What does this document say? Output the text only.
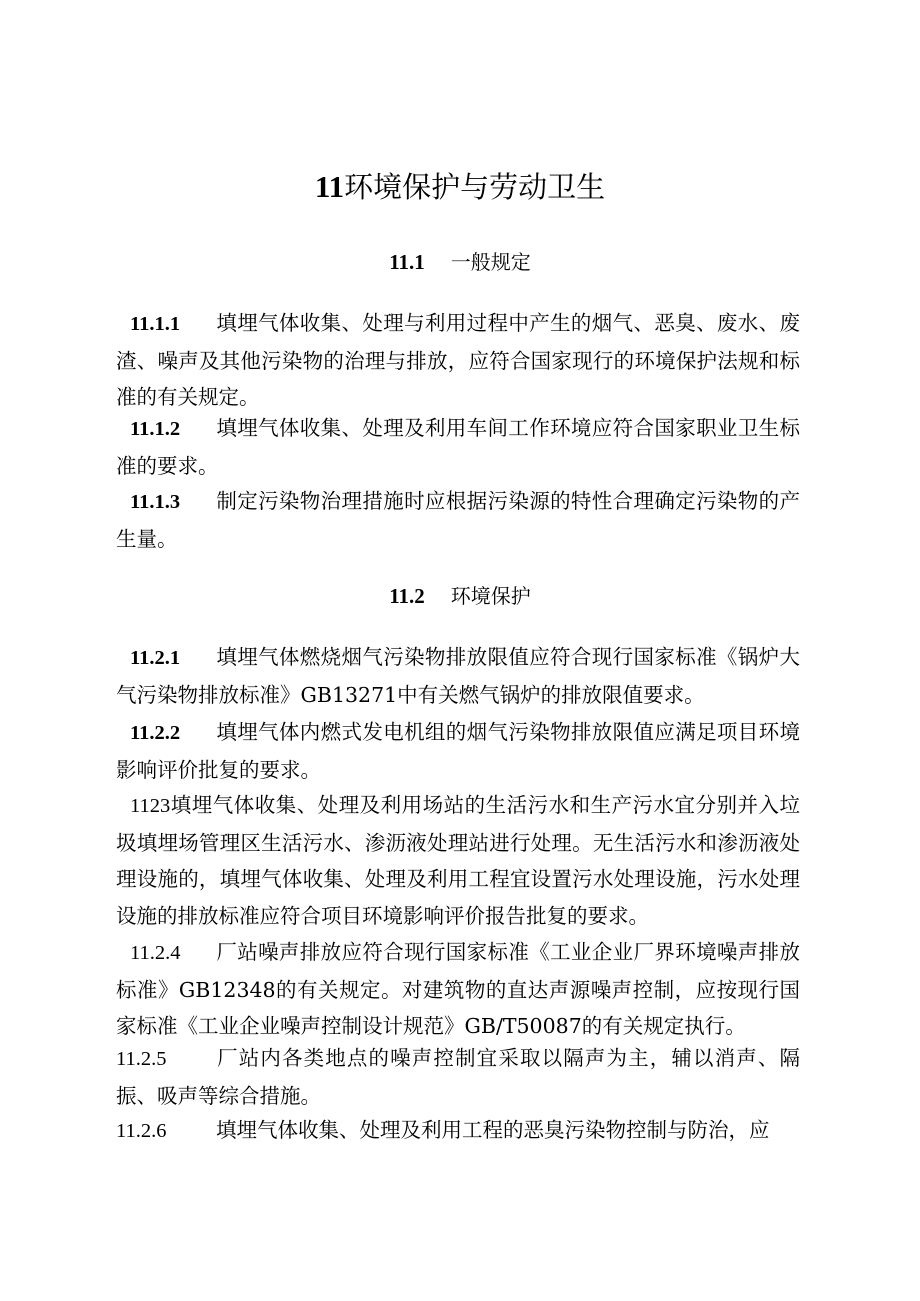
11环境保护与劳动卫生
11.1 一般规定
11.1.1 填埋气体收集、处理与利用过程中产生的烟气、恶臭、废水、废渣、噪声及其他污染物的治理与排放，应符合国家现行的环境保护法规和标准的有关规定。
11.1.2 填埋气体收集、处理及利用车间工作环境应符合国家职业卫生标准的要求。
11.1.3 制定污染物治理措施时应根据污染源的特性合理确定污染物的产生量。
11.2 环境保护
11.2.1 填埋气体燃烧烟气污染物排放限值应符合现行国家标准《锅炉大气污染物排放标准》GB13271中有关燃气锅炉的排放限值要求。
11.2.2 填埋气体内燃式发电机组的烟气污染物排放限值应满足项目环境影响评价批复的要求。
1123填埋气体收集、处理及利用场站的生活污水和生产污水宜分别并入垃圾填埋场管理区生活污水、渗沥液处理站进行处理。无生活污水和渗沥液处理设施的，填埋气体收集、处理及利用工程宜设置污水处理设施，污水处理设施的排放标准应符合项目环境影响评价报告批复的要求。
11.2.4 厂站噪声排放应符合现行国家标准《工业企业厂界环境噪声排放标准》GB12348的有关规定。对建筑物的直达声源噪声控制，应按现行国家标准《工业企业噪声控制设计规范》GB/T50087的有关规定执行。
11.2.5 厂站内各类地点的噪声控制宜采取以隔声为主，辅以消声、隔振、吸声等综合措施。
11.2.6 填埋气体收集、处理及利用工程的恶臭污染物控制与防治，应
